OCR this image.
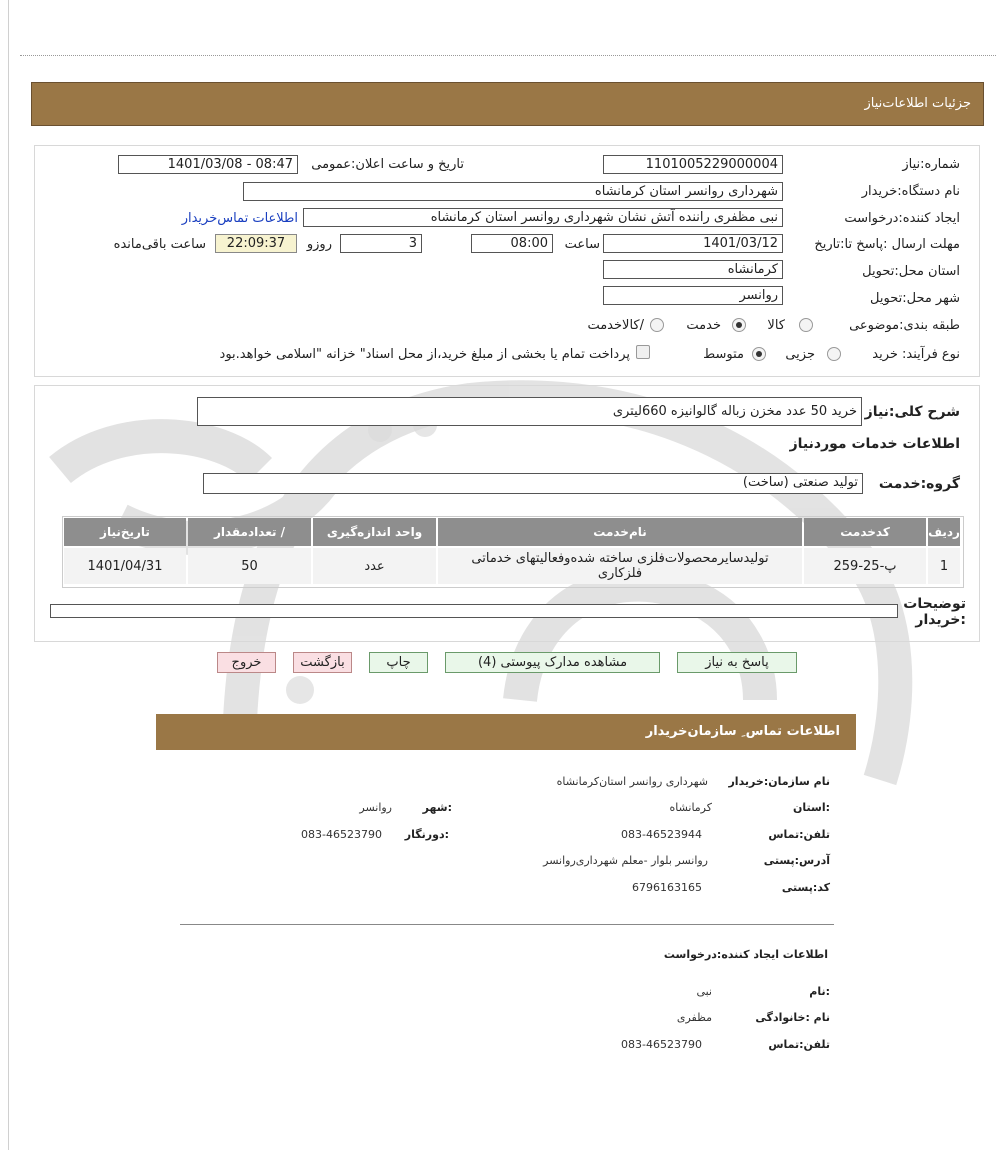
جزئیات اطلاعات‌نیاز
شماره:نیاز
1101005229000004
تاریخ و ساعت اعلان:عمومی
1401/03/08 - 08:47
نام دستگاه:خریدار
شهرداری روانسر استان کرمانشاه
ایجاد کننده:درخواست
نبی مظفری راننده آتش نشان شهرداری روانسر استان کرمانشاه
اطلاعات تماس‌خریدار
مهلت ارسال :پاسخ تا:تاریخ
1401/03/12
ساعت
08:00
3
روزو
22:09:37
ساعت باقی‌مانده
استان محل:تحویل
کرمانشاه
شهر محل:تحویل
روانسر
طبقه بندی:موضوعی
کالا
خدمت
/کالاخدمت
نوع فرآیند: خرید
جزیی
متوسط
پرداخت تمام یا بخشی از مبلغ خرید،از محل اسناد" خزانه "اسلامی خواهد.بود
شرح کلی:نیاز
خرید 50 عدد مخزن زباله گالوانیزه 660لیتری
اطلاعات خدمات موردنیاز
گروه:خدمت
تولید صنعتی (ساخت)
ردیف
کدخدمت
نام‌خدمت
واحد اندازه‌گیری
/ تعدادمقدار
تاریخ‌نیاز
1
پ-25-259
تولیدسایرمحصولات‌فلزی ساخته شده‌وفعالیتهای خدماتی فلزکاری
عدد
50
1401/04/31
توضیحات :خریدار
پاسخ به نیاز
مشاهده مدارک پیوستی (4)
چاپ
بازگشت
خروج
اطلاعات تماس ِ سازمان‌خریدار
نام سازمان:خریدار
شهرداری روانسر استان‌کرمانشاه
:استان
کرمانشاه
:شهر
روانسر
تلفن:تماس
083-46523944
:دورنگار
083-46523790
آدرس:پستی
روانسر بلوار -معلم شهرداری‌روانسر
کد:پستی
6796163165
اطلاعات ایجاد کننده:درخواست
:نام
نبی
نام :خانوادگی
مظفری
تلفن:تماس
083-46523790
